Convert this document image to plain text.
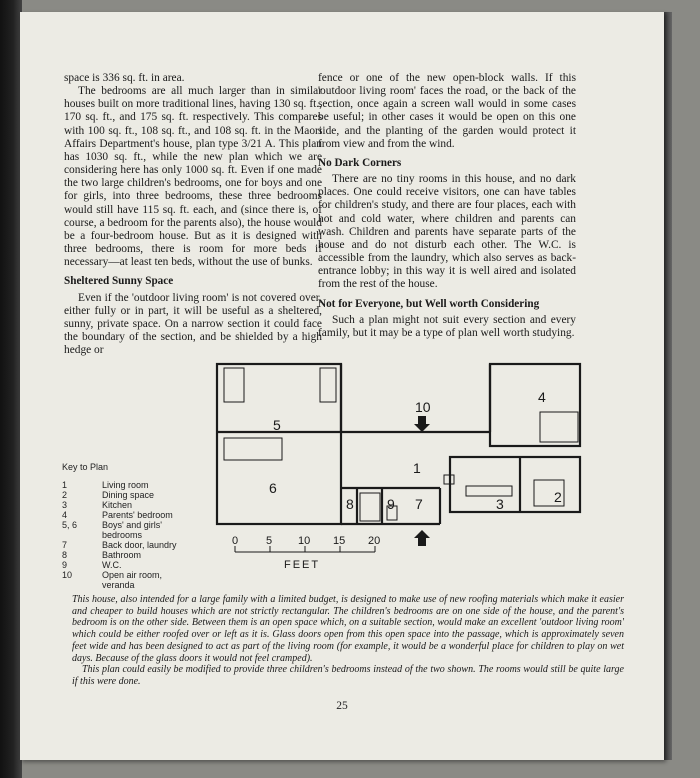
space is 336 sq. ft. in area.

The bedrooms are all much larger than in similar houses built on more traditional lines, having 130 sq. ft., 170 sq. ft., and 175 sq. ft. respectively. This compares with 100 sq. ft., 108 sq. ft., and 108 sq. ft. in the Maori Affairs Department's house, plan type 3/21 A. This plan has 1030 sq. ft., while the new plan which we are considering here has only 1000 sq. ft. Even if one made the two large children's bedrooms, one for boys and one for girls, into three bedrooms, these three bedrooms would still have 115 sq. ft. each, and (since there is, of course, a bedroom for the parents also), the house would be a four-bedroom house. But as it is designed with three bedrooms, there is room for more beds if necessary—at least ten beds, without the use of bunks.

Sheltered Sunny Space

Even if the 'outdoor living room' is not covered over, either fully or in part, it will be useful as a sheltered, sunny, private space. On a narrow section it could face the boundary of the section, and be shielded by a high hedge or

fence or one of the new open-block walls. If this 'outdoor living room' faces the road, or the back of the section, once again a screen wall would in some cases be useful; in other cases it would be open on this one side, and the planting of the garden would protect it from view and from the wind.

No Dark Corners

There are no tiny rooms in this house, and no dark places. One could receive visitors, one can have tables for children's study, and there are four places, each with hot and cold water, where children and parents can wash. Children and parents have separate parts of the house and do not disturb each other. The W.C. is accessible from the laundry, which also serves as back-entrance lobby; in this way it is well aired and isolated from the rest of the house.

Not for Everyone, but Well worth Considering

Such a plan might not suit every section and every family, but it may be a type of plan well worth studying.

10
4
5
6
1
8 9 7	3	2
0	5 10 15 20
FEET
Key to Plan
1	Living room
2	Dining space
3	Kitchen
4	Parents' bedroom
5, 6	Boys' and girls'
bedrooms
7	Back door, laundry
8	Bathroom
9	W.C.
10	Open air room,
veranda

This house, also intended for a large family with a limited budget, is designed to make use of new roofing materials which make it easier and cheaper to build houses which are not strictly rectangular. The children's bedrooms are on one side of the house, and the parent's bedroom is on the other side. Between them is an open space which, on a suitable section, would make an excellent 'outdoor living room' which could be either roofed over or left as it is. Glass doors open from this open space into the passage, which is approximately seven feet wide and has been designed to act as part of the living room (for example, it would be a wonderful place for children to play on wet days. Because of the glass doors it would not feel cramped).

This plan could easily be modified to provide three children's bedrooms instead of the two shown. The rooms would still be quite large if this were done.

25
